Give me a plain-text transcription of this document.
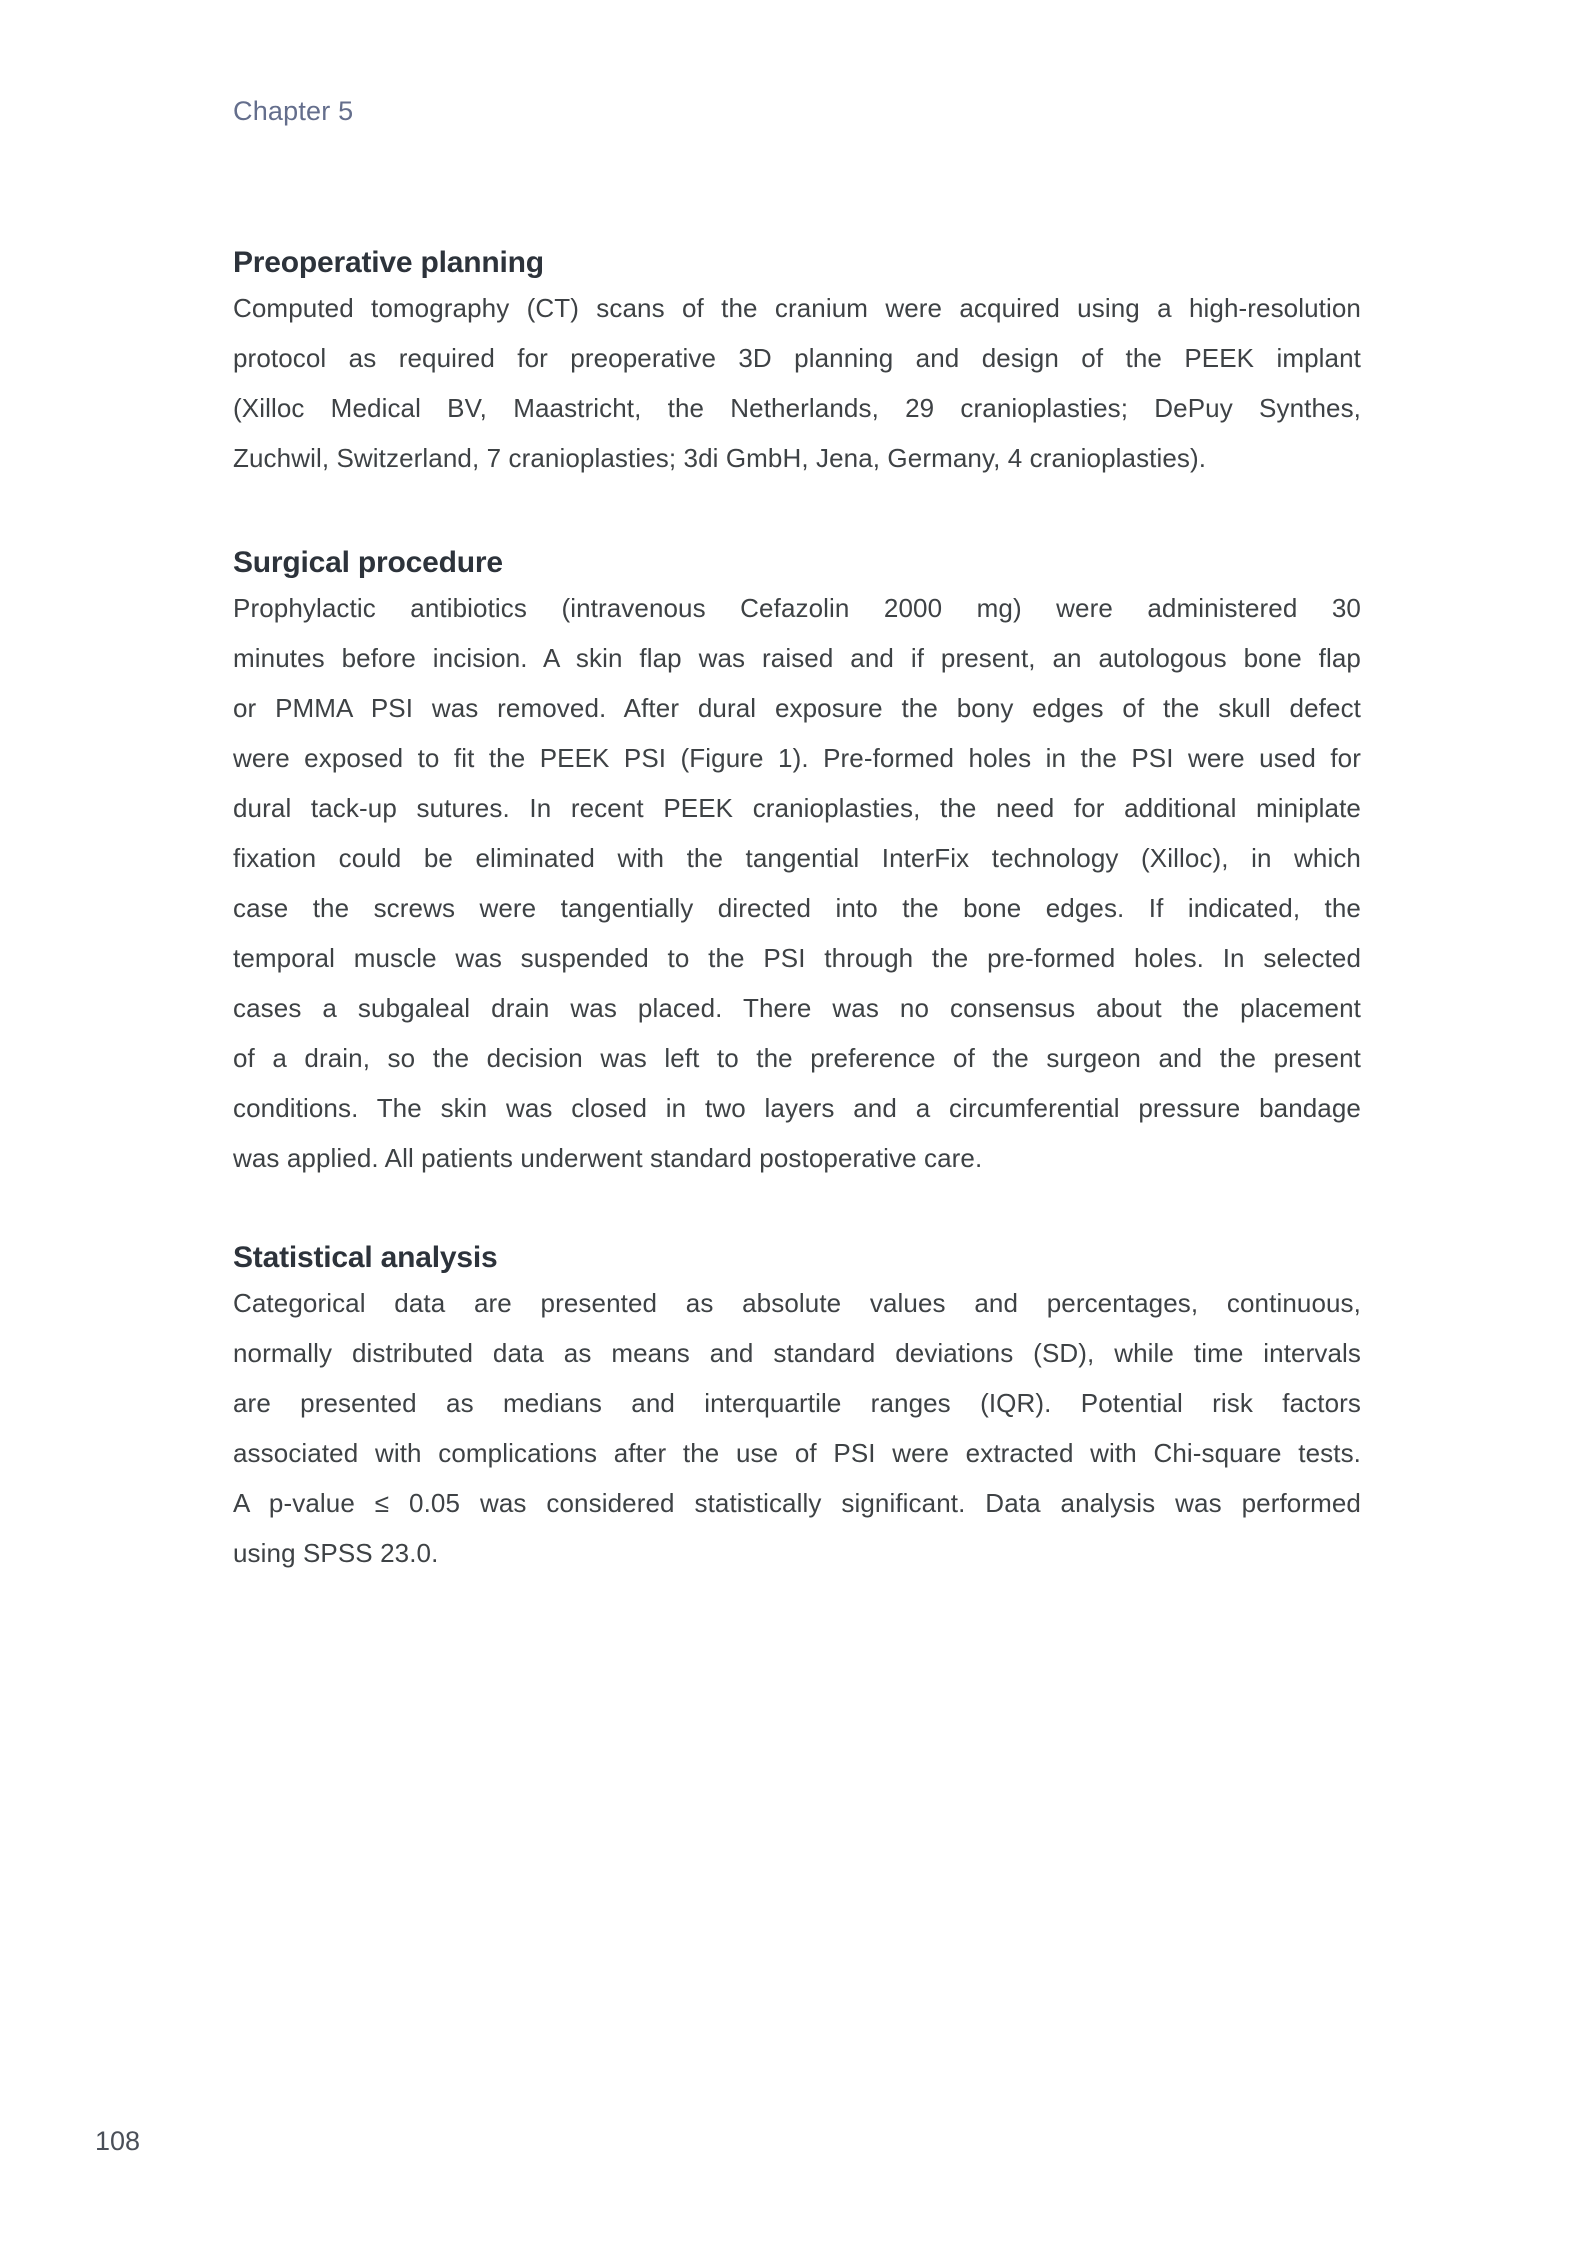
Chapter 5
Preoperative planning
Computed tomography (CT) scans of the cranium were acquired using a high-resolution
protocol as required for preoperative 3D planning and design of the PEEK implant
(Xilloc Medical BV, Maastricht, the Netherlands, 29 cranioplasties; DePuy Synthes,
Zuchwil, Switzerland, 7 cranioplasties; 3di GmbH, Jena, Germany, 4 cranioplasties).
Surgical procedure
Prophylactic antibiotics (intravenous Cefazolin 2000 mg) were administered 30
minutes before incision. A skin flap was raised and if present, an autologous bone flap
or PMMA PSI was removed. After dural exposure the bony edges of the skull defect
were exposed to fit the PEEK PSI (Figure 1). Pre-formed holes in the PSI were used for
dural tack-up sutures. In recent PEEK cranioplasties, the need for additional miniplate
fixation could be eliminated with the tangential InterFix technology (Xilloc), in which
case the screws were tangentially directed into the bone edges. If indicated, the
temporal muscle was suspended to the PSI through the pre-formed holes. In selected
cases a subgaleal drain was placed. There was no consensus about the placement
of a drain, so the decision was left to the preference of the surgeon and the present
conditions. The skin was closed in two layers and a circumferential pressure bandage
was applied. All patients underwent standard postoperative care.
Statistical analysis
Categorical data are presented as absolute values and percentages, continuous,
normally distributed data as means and standard deviations (SD), while time intervals
are presented as medians and interquartile ranges (IQR). Potential risk factors
associated with complications after the use of PSI were extracted with Chi-square tests.
A p-value ≤ 0.05 was considered statistically significant. Data analysis was performed
using SPSS 23.0.
108
